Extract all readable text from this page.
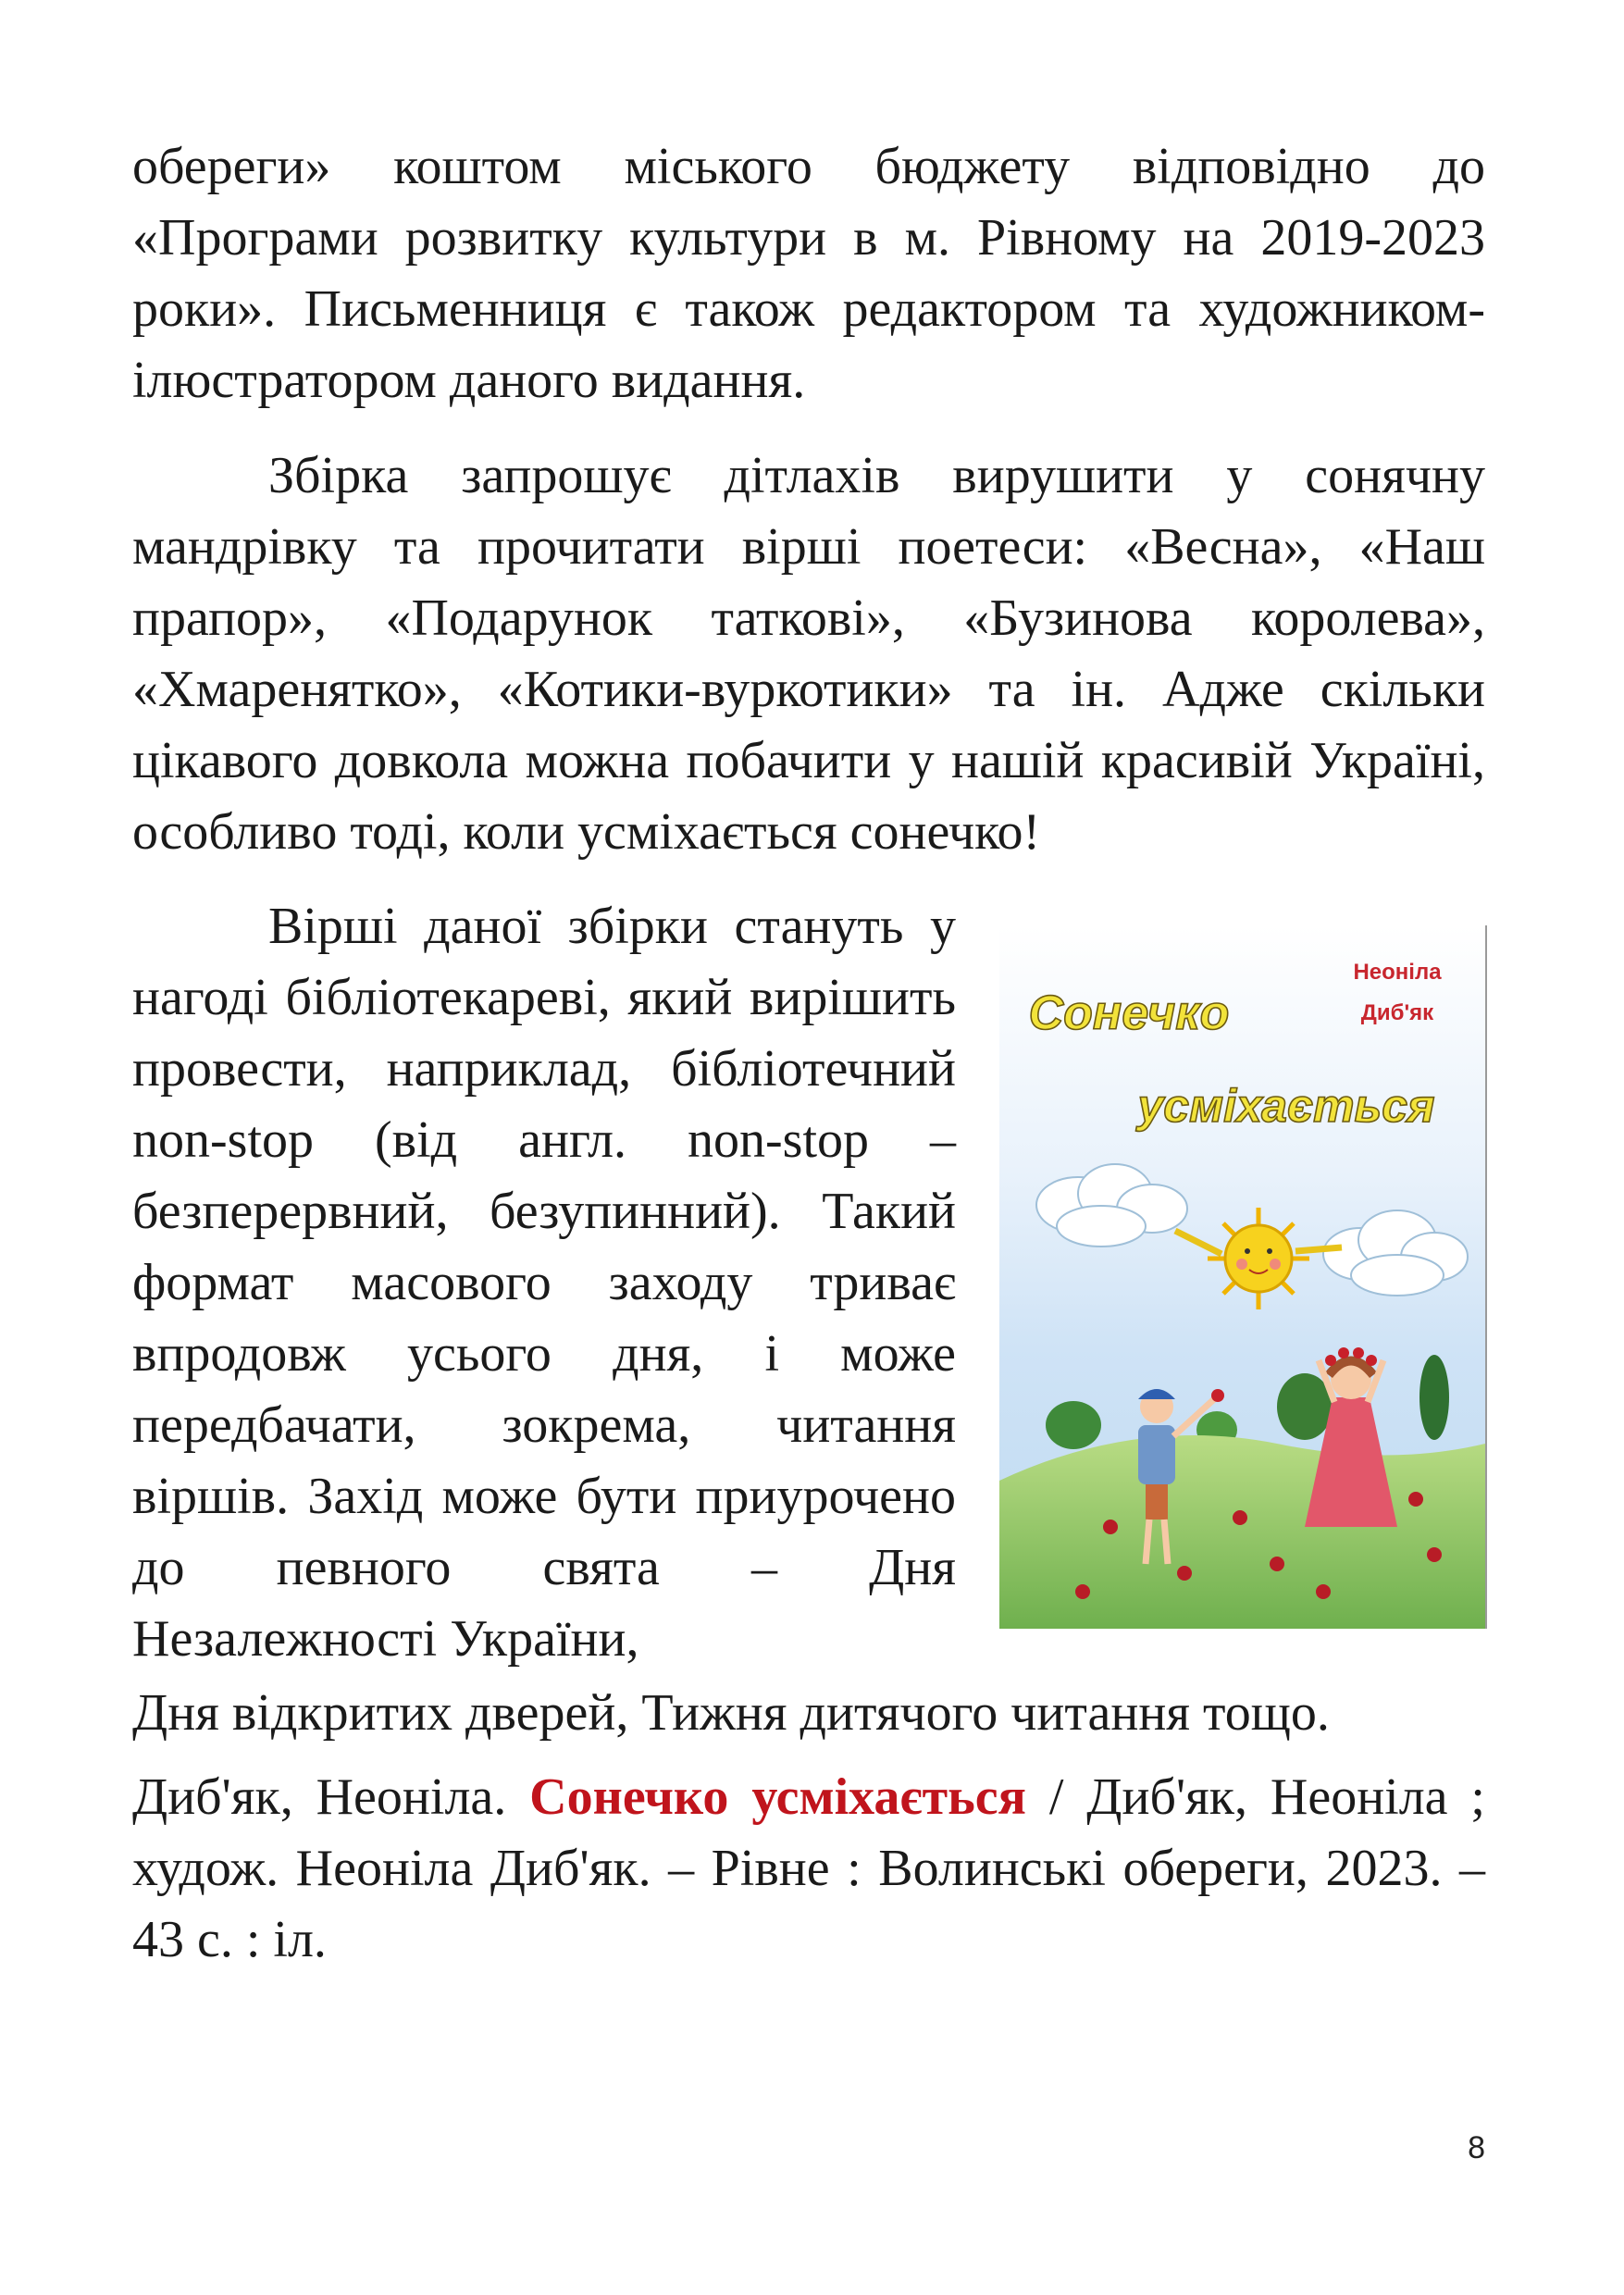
обереги» коштом міського бюджету відповідно до «Програми розвитку культури в м. Рівному на 2019-2023 роки». Письменниця є також редактором та художником-ілюстратором даного видання.

Збірка запрошує дітлахів вирушити у сонячну мандрівку та прочитати вірші поетеси: «Весна», «Наш прапор», «Подарунок таткові», «Бузинова королева», «Хмаренятко», «Котики-вуркотики» та ін. Адже скільки цікавого довкола можна побачити у нашій красивій Україні, особливо тоді, коли усміхається сонечко!

Вірші даної збірки стануть у нагоді бібліотекареві, який вирішить провести, наприклад, бібліотечний non-stop (від англ. non-stop – безперервний, безупинний). Такий формат масового заходу триває впродовж усього дня, і може передбачати, зокрема, читання віршів. Захід може бути приурочено до певного свята – Дня Незалежності України,

Неоніла
Диб'як
Сонечко
усміхається

Дня відкритих дверей, Тижня дитячого читання тощо.

Диб'як, Неоніла. Сонечко усміхається / Диб'як, Неоніла ; худож. Неоніла Диб'як. – Рівне : Волинські обереги, 2023. – 43 с. : іл.

8
